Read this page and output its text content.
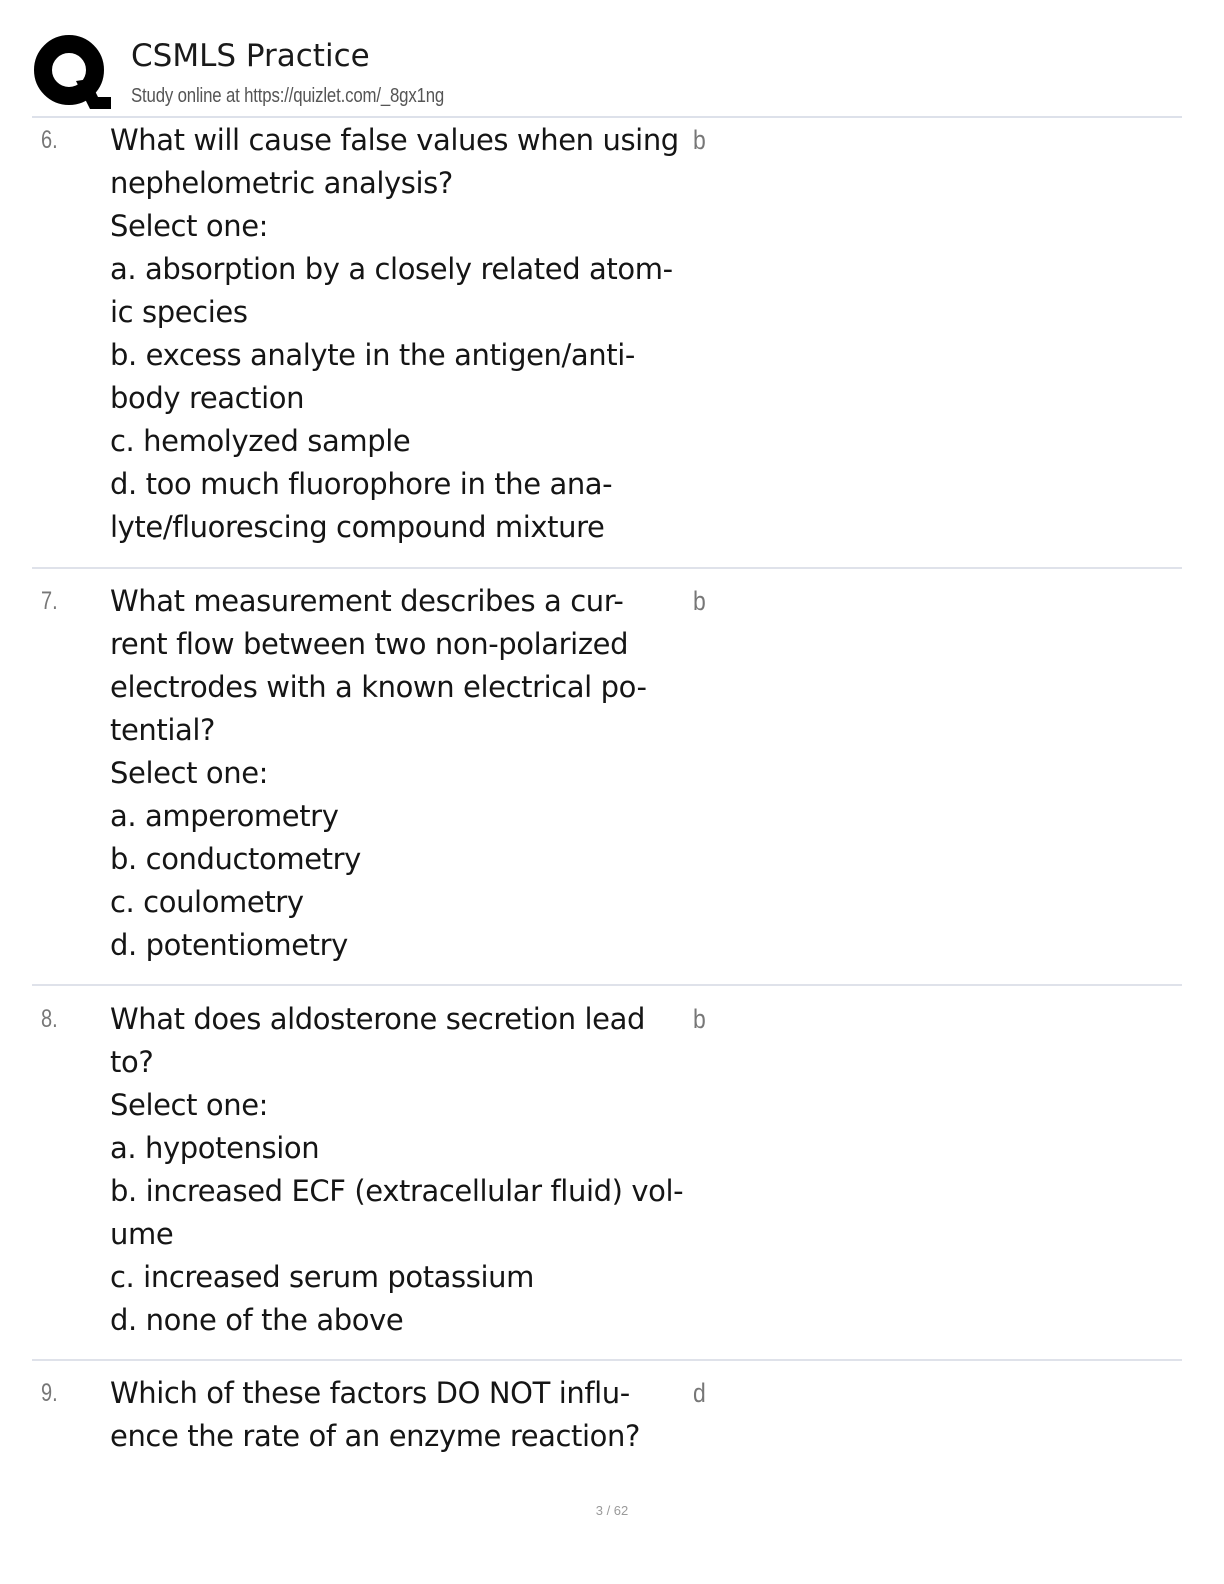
CSMLS Practice
Study online at https://quizlet.com/_8gx1ng
6. What will cause false values when using
nephelometric analysis?
Select one:
a. absorption by a closely related atom-
ic species
b. excess analyte in the antigen/anti-
body reaction
c. hemolyzed sample
d. too much fluorophore in the ana-
lyte/fluorescing compound mixture

b
7. What measurement describes a cur-
rent flow between two non-polarized
electrodes with a known electrical po-
tential?
Select one:
a. amperometry
b. conductometry
c. coulometry
d. potentiometry

b
8. What does aldosterone secretion lead
to?
Select one:
a. hypotension
b. increased ECF (extracellular fluid) vol-
ume
c. increased serum potassium
d. none of the above

b
9. Which of these factors DO NOT influ-
ence the rate of an enzyme reaction?

d
3 / 62
